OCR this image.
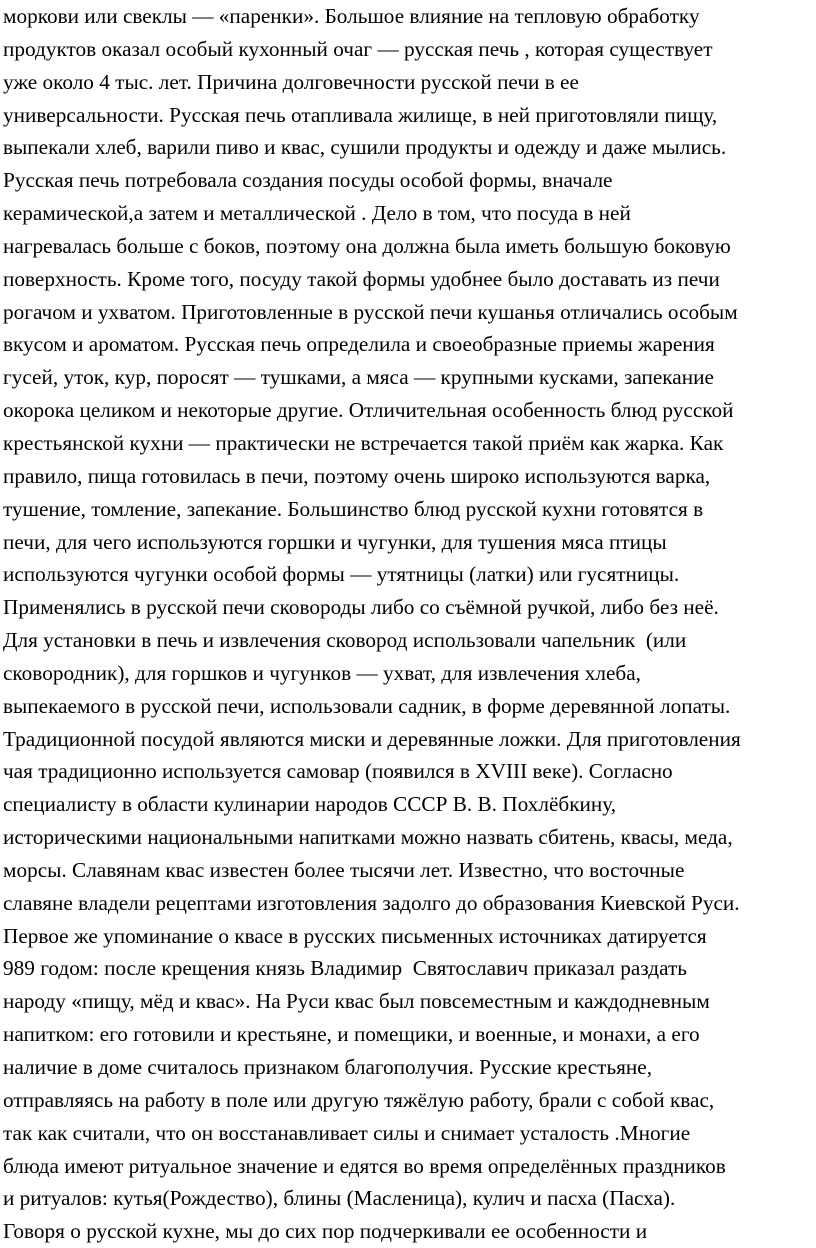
моркови или свеклы — «паренки». Большое влияние на тепловую обработку
продуктов оказал особый кухонный очаг — русская печь , которая существует
уже около 4 тыс. лет. Причина долговечности русской печи в ее
универсальности. Русская печь отапливала жилище, в ней приготовляли пищу,
выпекали хлеб, варили пиво и квас, сушили продукты и одежду и даже мылись.
Русская печь потребовала создания посуды особой формы, вначале
керамической,а затем и металлической . Дело в том, что посуда в ней
нагревалась больше с боков, поэтому она должна была иметь большую боковую
поверхность. Кроме того, посуду такой формы удобнее было доставать из печи
рогачом и ухватом. Приготовленные в русской печи кушанья отличались особым
вкусом и ароматом. Русская печь определила и своеобразные приемы жарения
гусей, уток, кур, поросят — тушками, а мяса — крупными кусками, запекание
окорока целиком и некоторые другие. Отличительная особенность блюд русской
крестьянской кухни — практически не встречается такой приём как жарка. Как
правило, пища готовилась в печи, поэтому очень широко используются варка,
тушение, томление, запекание. Большинство блюд русской кухни готовятся в
печи, для чего используются горшки и чугунки, для тушения мяса птицы
используются чугунки особой формы — утятницы (латки) или гусятницы.
Применялись в русской печи сковороды либо со съёмной ручкой, либо без неё.
Для установки в печь и извлечения сковород использовали чапельник  (или
сковородник), для горшков и чугунков — ухват, для извлечения хлеба,
выпекаемого в русской печи, использовали садник, в форме деревянной лопаты.
Традиционной посудой являются миски и деревянные ложки. Для приготовления
чая традиционно используется самовар (появился в XVIII веке). Согласно
специалисту в области кулинарии народов СССР В. В. Похлёбкину,
историческими национальными напитками можно назвать сбитень, квасы, меда,
морсы. Славянам квас известен более тысячи лет. Известно, что восточные
славяне владели рецептами изготовления задолго до образования Киевской Руси.
Первое же упоминание о квасе в русских письменных источниках датируется
989 годом: после крещения князь Владимир  Святославич приказал раздать
народу «пищу, мёд и квас». На Руси квас был повсеместным и каждодневным
напитком: его готовили и крестьяне, и помещики, и военные, и монахи, а его
наличие в доме считалось признаком благополучия. Русские крестьяне,
отправляясь на работу в поле или другую тяжёлую работу, брали с собой квас,
так как считали, что он восстанавливает силы и снимает усталость .Многие
блюда имеют ритуальное значение и едятся во время определённых праздников
и ритуалов: кутья(Рождество), блины (Масленица), кулич и пасха (Пасха).
Говоря о русской кухне, мы до сих пор подчеркивали ее особенности и
